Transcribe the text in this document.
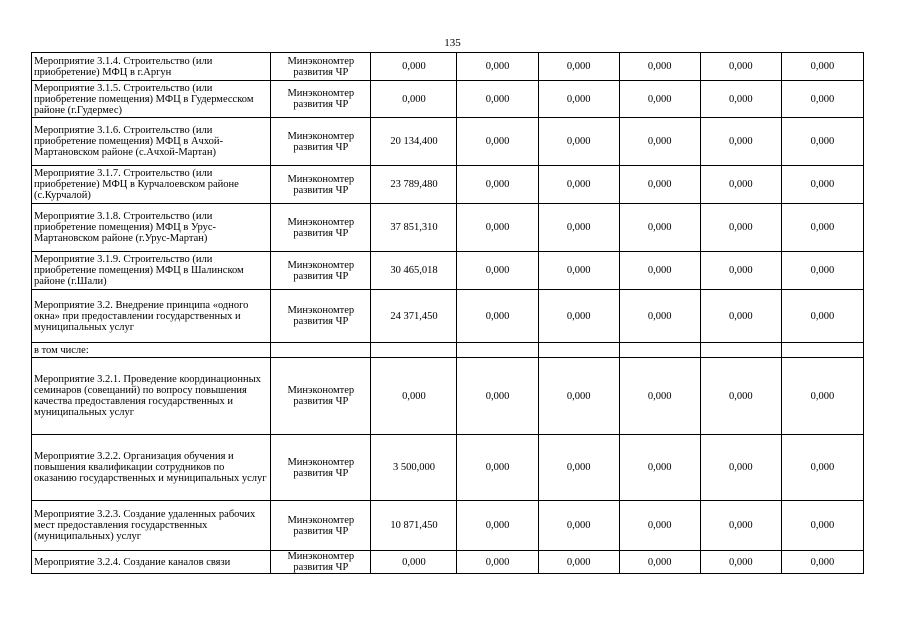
135
Мероприятие 3.1.4. Строительство (или приобретение) МФЦ в г.Аргун	Минэкономтер развития ЧР	0,000	0,000	0,000	0,000	0,000	0,000
Мероприятие 3.1.5. Строительство (или приобретение помещения) МФЦ в Гудермесском районе (г.Гудермес)	Минэкономтер развития ЧР	0,000	0,000	0,000	0,000	0,000	0,000
Мероприятие 3.1.6. Строительство (или приобретение помещения) МФЦ в Ачхой-Мартановском районе (с.Ачхой-Мартан)	Минэкономтер развития ЧР	20 134,400	0,000	0,000	0,000	0,000	0,000
Мероприятие 3.1.7. Строительство (или приобретение) МФЦ в Курчалоевском районе (с.Курчалой)	Минэкономтер развития ЧР	23 789,480	0,000	0,000	0,000	0,000	0,000
Мероприятие 3.1.8. Строительство (или приобретение помещения) МФЦ в Урус-Мартановском районе (г.Урус-Мартан)	Минэкономтер развития ЧР	37 851,310	0,000	0,000	0,000	0,000	0,000
Мероприятие 3.1.9. Строительство (или приобретение помещения) МФЦ в Шалинском районе (г.Шали)	Минэкономтер развития ЧР	30 465,018	0,000	0,000	0,000	0,000	0,000
Мероприятие 3.2. Внедрение принципа «одного окна» при предоставлении государственных и муниципальных услуг	Минэкономтер развития ЧР	24 371,450	0,000	0,000	0,000	0,000	0,000
в том числе:							
Мероприятие 3.2.1. Проведение координационных семинаров (совещаний) по вопросу повышения качества предоставления государственных и муниципальных услуг	Минэкономтер развития ЧР	0,000	0,000	0,000	0,000	0,000	0,000
Мероприятие 3.2.2. Организация обучения и повышения квалификации сотрудников по оказанию государственных и муниципальных услуг	Минэкономтер развития ЧР	3 500,000	0,000	0,000	0,000	0,000	0,000
Мероприятие 3.2.3. Создание удаленных рабочих мест предоставления государственных (муниципальных) услуг	Минэкономтер развития ЧР	10 871,450	0,000	0,000	0,000	0,000	0,000
Мероприятие 3.2.4. Создание каналов связи	Минэкономтер развития ЧР	0,000	0,000	0,000	0,000	0,000	0,000
